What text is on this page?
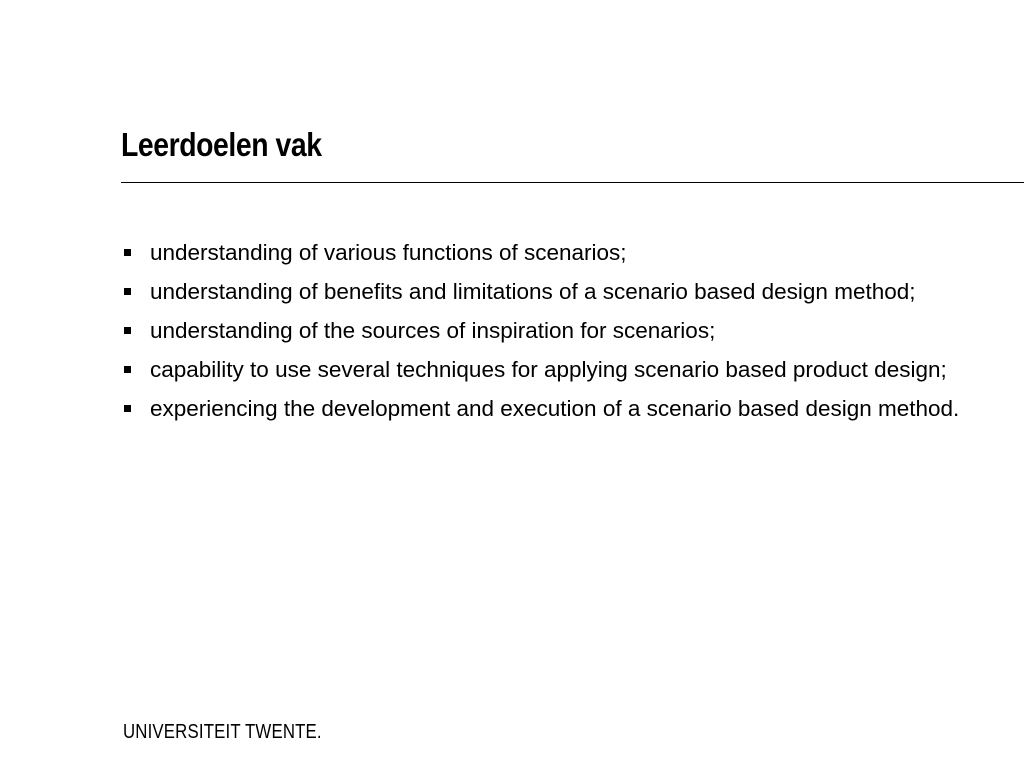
Leerdoelen vak
understanding of various functions of scenarios;
understanding of benefits and limitations of a scenario based design method;
understanding of the sources of inspiration for scenarios;
capability to use several techniques for applying scenario based product design;
experiencing the development and execution of a scenario based design method.
UNIVERSITEIT TWENTE.
